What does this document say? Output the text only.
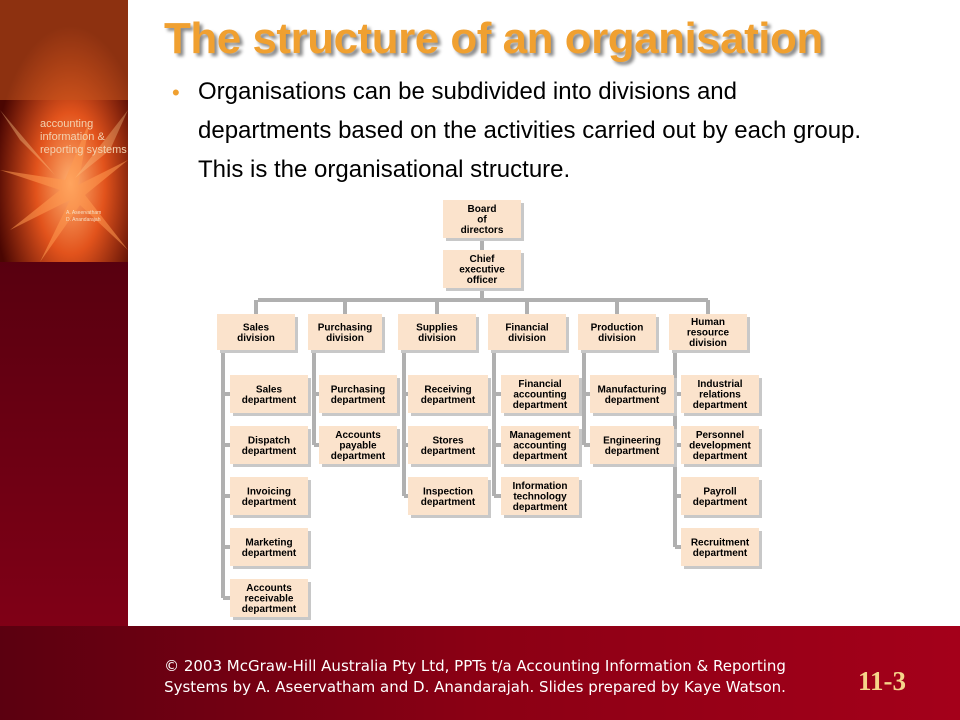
accounting
information &
reporting systems
A. Aseervatham
D. Anandarajah
The structure of an organisation
• Organisations can be subdivided into divisions and departments based on the activities carried out by each group. This is the organisational structure.
Board
of
directors
Chief
executive
officer
Sales
division
Sales
department
Dispatch
department
Invoicing
department
Marketing
department
Accounts
receivable
department
Purchasing
division
Purchasing
department
Accounts
payable
department
Supplies
division
Receiving
department
Stores
department
Inspection
department
Financial
division
Financial
accounting
department
Management
accounting
department
Information
technology
department
Production
division
Manufacturing
department
Engineering
department
Human
resource
division
Industrial
relations
department
Personnel
development
department
Payroll
department
Recruitment
department
© 2003 McGraw-Hill Australia Pty Ltd, PPTs t/a Accounting Information & Reporting Systems by A. Aseervatham and D. Anandarajah. Slides prepared by Kaye Watson.	11-3
